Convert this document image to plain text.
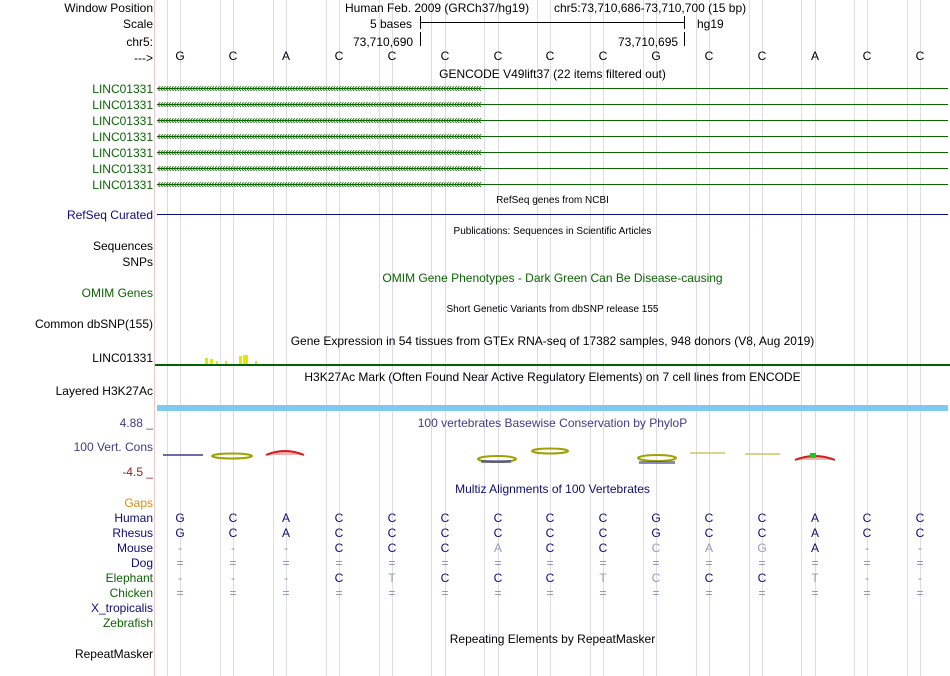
Window Position
Scale
chr5:
--->
Human Feb. 2009 (GRCh37/hg19) chr5:73,710,686-73,710,700 (15 bp)
5 bases	hg19
73,710,690	73,710,695
G	C	A	C	C	C	C	C	C	G	C	C	A	C	C
GENCODE V49lift37 (22 items filtered out)
LINC01331 ‹‹‹‹‹‹‹‹‹‹‹‹‹‹‹‹‹‹‹‹‹‹‹‹‹‹‹‹‹‹‹‹‹‹‹‹‹‹‹‹‹‹‹‹‹‹‹‹‹‹‹‹‹‹‹‹‹‹‹‹‹‹‹‹‹‹‹‹‹‹‹‹‹‹‹‹‹‹‹‹‹‹‹‹‹‹‹‹‹‹‹‹‹‹‹‹‹‹‹‹‹‹‹‹‹‹‹‹‹‹‹‹‹‹‹‹‹‹‹‹
LINC01331 ‹‹‹‹‹‹‹‹‹‹‹‹‹‹‹‹‹‹‹‹‹‹‹‹‹‹‹‹‹‹‹‹‹‹‹‹‹‹‹‹‹‹‹‹‹‹‹‹‹‹‹‹‹‹‹‹‹‹‹‹‹‹‹‹‹‹‹‹‹‹‹‹‹‹‹‹‹‹‹‹‹‹‹‹‹‹‹‹‹‹‹‹‹‹‹‹‹‹‹‹‹‹‹‹‹‹‹‹‹‹‹‹‹‹‹‹‹‹‹‹
LINC01331 ‹‹‹‹‹‹‹‹‹‹‹‹‹‹‹‹‹‹‹‹‹‹‹‹‹‹‹‹‹‹‹‹‹‹‹‹‹‹‹‹‹‹‹‹‹‹‹‹‹‹‹‹‹‹‹‹‹‹‹‹‹‹‹‹‹‹‹‹‹‹‹‹‹‹‹‹‹‹‹‹‹‹‹‹‹‹‹‹‹‹‹‹‹‹‹‹‹‹‹‹‹‹‹‹‹‹‹‹‹‹‹‹‹‹‹‹‹‹‹‹
LINC01331 ‹‹‹‹‹‹‹‹‹‹‹‹‹‹‹‹‹‹‹‹‹‹‹‹‹‹‹‹‹‹‹‹‹‹‹‹‹‹‹‹‹‹‹‹‹‹‹‹‹‹‹‹‹‹‹‹‹‹‹‹‹‹‹‹‹‹‹‹‹‹‹‹‹‹‹‹‹‹‹‹‹‹‹‹‹‹‹‹‹‹‹‹‹‹‹‹‹‹‹‹‹‹‹‹‹‹‹‹‹‹‹‹‹‹‹‹‹‹‹‹
LINC01331 ‹‹‹‹‹‹‹‹‹‹‹‹‹‹‹‹‹‹‹‹‹‹‹‹‹‹‹‹‹‹‹‹‹‹‹‹‹‹‹‹‹‹‹‹‹‹‹‹‹‹‹‹‹‹‹‹‹‹‹‹‹‹‹‹‹‹‹‹‹‹‹‹‹‹‹‹‹‹‹‹‹‹‹‹‹‹‹‹‹‹‹‹‹‹‹‹‹‹‹‹‹‹‹‹‹‹‹‹‹‹‹‹‹‹‹‹‹‹‹‹
LINC01331 ‹‹‹‹‹‹‹‹‹‹‹‹‹‹‹‹‹‹‹‹‹‹‹‹‹‹‹‹‹‹‹‹‹‹‹‹‹‹‹‹‹‹‹‹‹‹‹‹‹‹‹‹‹‹‹‹‹‹‹‹‹‹‹‹‹‹‹‹‹‹‹‹‹‹‹‹‹‹‹‹‹‹‹‹‹‹‹‹‹‹‹‹‹‹‹‹‹‹‹‹‹‹‹‹‹‹‹‹‹‹‹‹‹‹‹‹‹‹‹‹
LINC01331 ‹‹‹‹‹‹‹‹‹‹‹‹‹‹‹‹‹‹‹‹‹‹‹‹‹‹‹‹‹‹‹‹‹‹‹‹‹‹‹‹‹‹‹‹‹‹‹‹‹‹‹‹‹‹‹‹‹‹‹‹‹‹‹‹‹‹‹‹‹‹‹‹‹‹‹‹‹‹‹‹‹‹‹‹‹‹‹‹‹‹‹‹‹‹‹‹‹‹‹‹‹‹‹‹‹‹‹‹‹‹‹‹‹‹‹‹‹‹‹‹
RefSeq genes from NCBI
RefSeq Curated
Publications: Sequences in Scientific Articles
Sequences
SNPs
OMIM Gene Phenotypes - Dark Green Can Be Disease-causing
OMIM Genes
Short Genetic Variants from dbSNP release 155
Common dbSNP(155)
Gene Expression in 54 tissues from GTEx RNA-seq of 17382 samples, 948 donors (V8, Aug 2019)
LINC01331
H3K27Ac Mark (Often Found Near Active Regulatory Elements) on 7 cell lines from ENCODE
Layered H3K27Ac
100 vertebrates Basewise Conservation by PhyloP
4.88 _
100 Vert. Cons
-4.5 _
Multiz Alignments of 100 Vertebrates
Gaps
Human	G	C	A	C	C	C	C	C	C	G	C	C	A	C	C
Rhesus	G	C	A	C	C	C	C	C	C	G	C	C	A	C	C
Mouse	-	-	-	C	C	C	A	C	C	C	A	G	A	-	-
Dog	=	=	=	=	=	=	=	=	=	=	=	=	=	=	=
Elephant	-	-	-	C	T	C	C	C	T	C	C	C	T	-	-
Chicken	=	=	=	=	=	=	=	=	=	=	=	=	=	=	=
X_tropicalis
Zebrafish
Repeating Elements by RepeatMasker
RepeatMasker
